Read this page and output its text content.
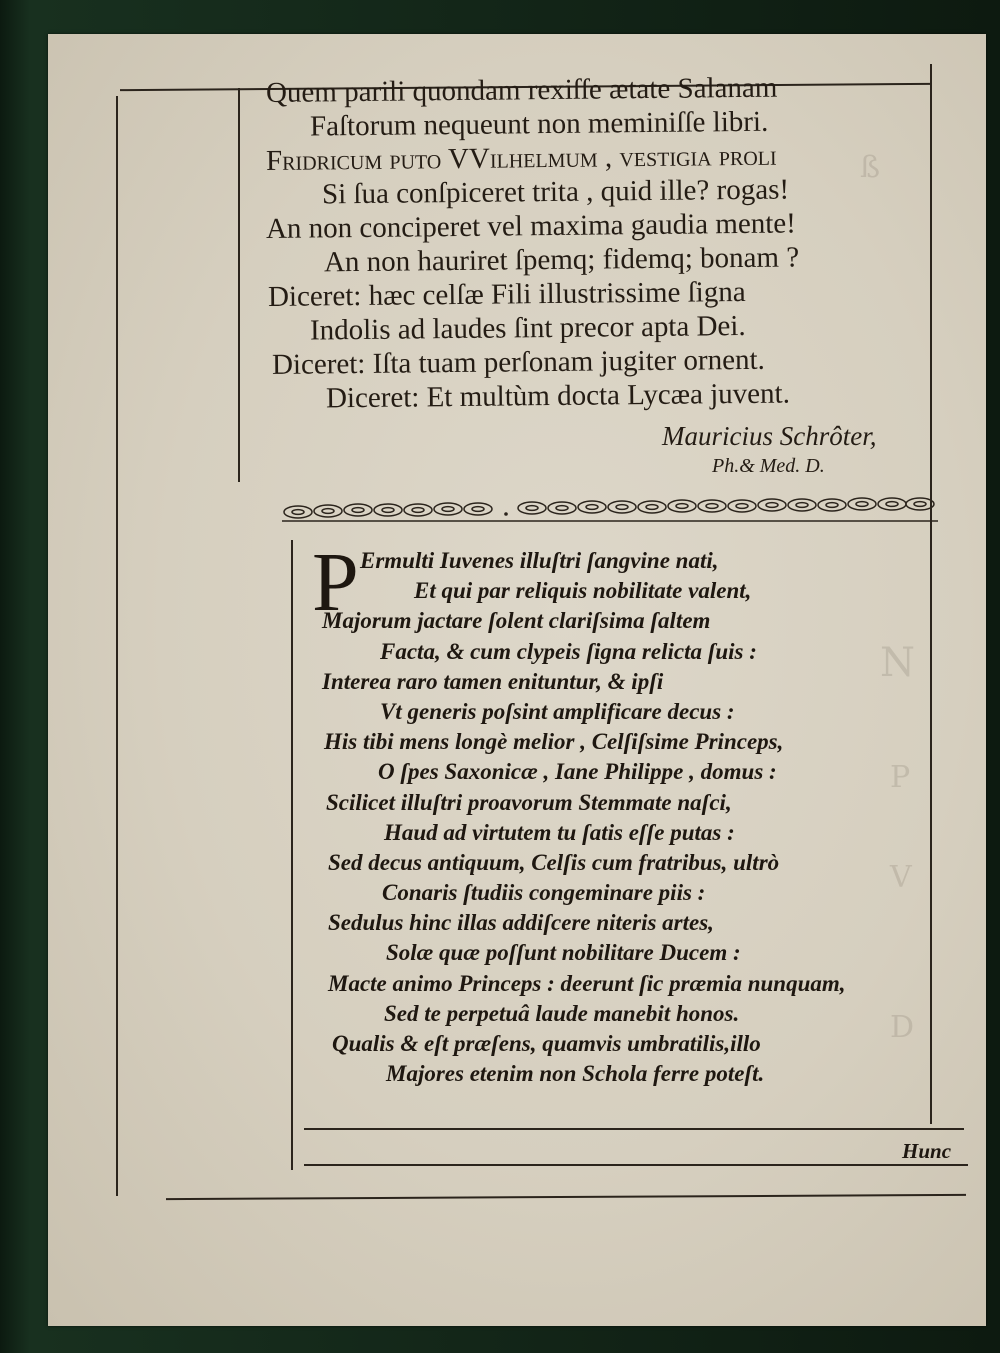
ß
N
P
V
D
Quem parili quondam rexiſſe ætate Salanam
Faſtorum nequeunt non meminiſſe libri.
Fridricum puto VVilhelmum , veſtigia proli
Si ſua conſpiceret trita , quid ille? rogas!
An non conciperet vel maxima gaudia mente!
An non hauriret ſpemq; fidemq; bonam ?
Diceret: hæc celſæ Fili illustrissime ſigna
Indolis ad laudes ſint precor apta Dei.
Diceret: Iſta tuam perſonam jugiter ornent.
Diceret: Et multùm docta Lycæa juvent.
Mauricius Schrôter,
Ph.& Med. D.
P Ermulti Iuvenes illuſtri ſangvine nati,
Et qui par reliquis nobilitate valent,
Majorum jactare ſolent clariſsima ſaltem
Facta, & cum clypeis ſigna relicta ſuis :
Interea raro tamen enituntur, & ipſi
Vt generis poſsint amplificare decus :
His tibi mens longè melior , Celſiſsime Princeps,
O ſpes Saxonicæ , Iane Philippe , domus :
Scilicet illuſtri proavorum Stemmate naſci,
Haud ad virtutem tu ſatis eſſe putas :
Sed decus antiquum, Celſis cum fratribus, ultrò
Conaris ſtudiis congeminare piis :
Sedulus hinc illas addiſcere niteris artes,
Solæ quæ poſſunt nobilitare Ducem :
Macte animo Princeps : deerunt ſic præmia nunquam,
Sed te perpetuâ laude manebit honos.
Qualis & eſt præſens, quamvis umbratilis,illo
Majores etenim non Schola ferre poteſt.
Hunc
